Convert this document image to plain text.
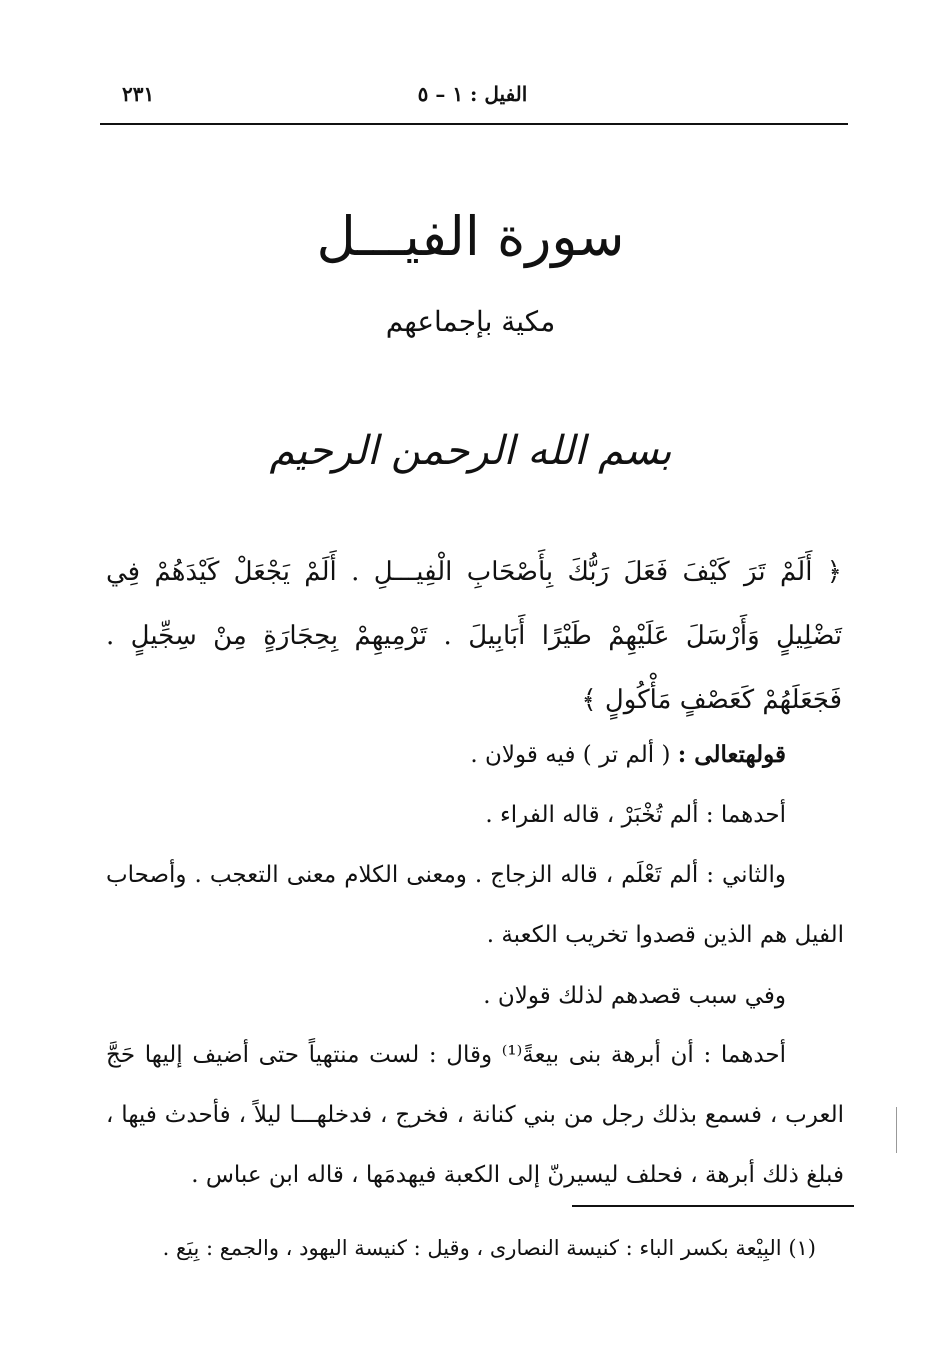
الفيل : ١ – ٥
٢٣١
سورة الفيـــل
مكية بإجماعهم
بسم الله الرحمن الرحيم
﴿ أَلَمْ تَرَ كَيْفَ فَعَلَ رَبُّكَ بِأَصْحَابِ الْفِيـــلِ . أَلَمْ يَجْعَلْ كَيْدَهُمْ فِي تَضْلِيلٍ وَأَرْسَلَ عَلَيْهِمْ طَيْرًا أَبَابِيلَ . تَرْمِيهِمْ بِحِجَارَةٍ مِنْ سِجِّيلٍ . فَجَعَلَهُمْ كَعَصْفٍ مَأْكُولٍ ﴾
قولهتعالى : ( ألم تر ) فيه قولان .
أحدهما : ألم تُخْبَرْ ، قاله الفراء .
والثاني : ألم تَعْلَم ، قاله الزجاج . ومعنى الكلام معنى التعجب . وأصحاب الفيل هم الذين قصدوا تخريب الكعبة .
وفي سبب قصدهم لذلك قولان .
أحدهما : أن أبرهة بنى بيعةً⁽¹⁾ وقال : لست منتهياً حتى أضيف إليها حَجَّ العرب ، فسمع بذلك رجل من بني كنانة ، فخرج ، فدخلهـــا ليلاً ، فأحدث فيها ، فبلغ ذلك أبرهة ، فحلف ليسيرنّ إلى الكعبة فيهدمَها ، قاله ابن عباس .
(١) البِيْعة بكسر الباء : كنيسة النصارى ، وقيل : كنيسة اليهود ، والجمع : بِيَع .
